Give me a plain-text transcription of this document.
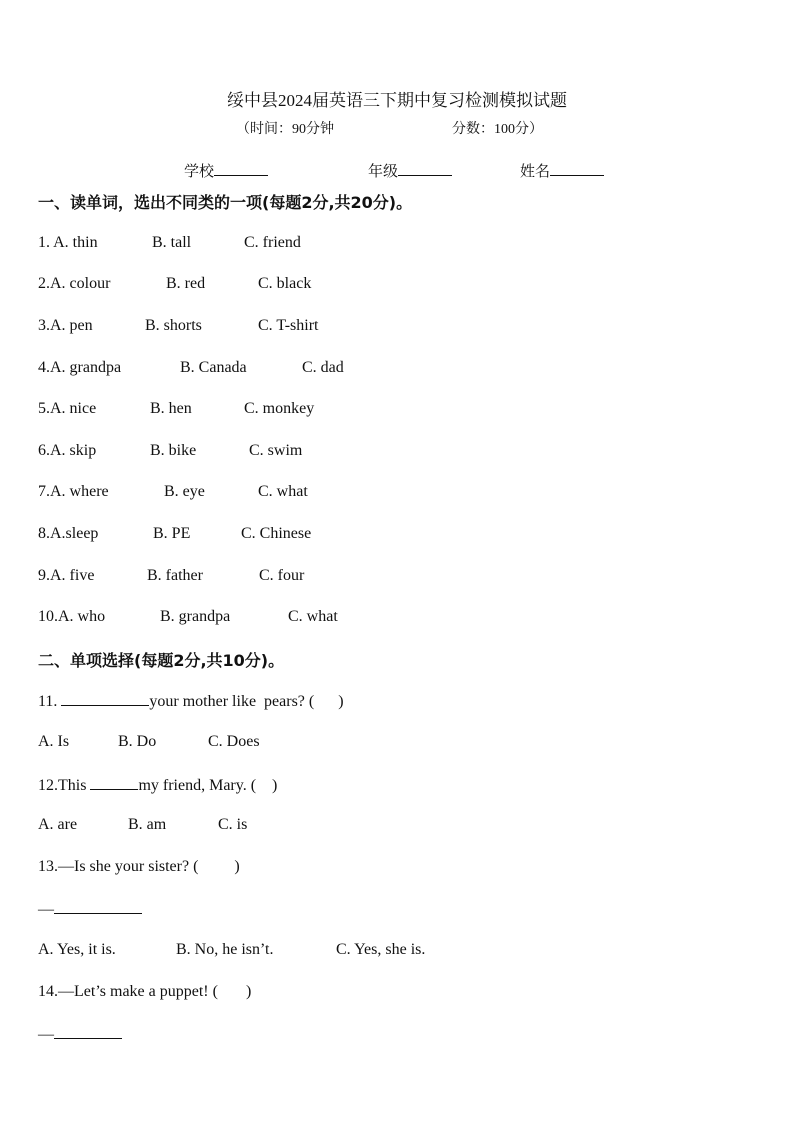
绥中县2024届英语三下期中复习检测模拟试题
（时间：90分钟	分数：100分）
学校	年级	姓名
一、读单词，选出不同类的一项(每题2分,共20分)。
1. A. thin	B. tall	C. friend
2.A. colour	B. red	C. black
3.A. pen	B. shorts	C. T-shirt
4.A. grandpa	B. Canada	C. dad
5.A. nice	B. hen	C. monkey
6.A. skip	B. bike	C. swim
7.A. where	B. eye	C. what
8.A.sleep	B. PE	C. Chinese
9.A. five	B. father	C. four
10.A. who	B. grandpa	C. what
二、单项选择(每题2分,共10分)。
11.	your mother like  pears? (      )
A. Is	B. Do	C. Does
12.This	my friend, Mary. (    )
A. are	B. am	C. is
13.—Is she your sister? (         )
—
A. Yes, it is.	B. No, he isn’t.	C. Yes, she is.
14.—Let’s make a puppet! (       )
—
